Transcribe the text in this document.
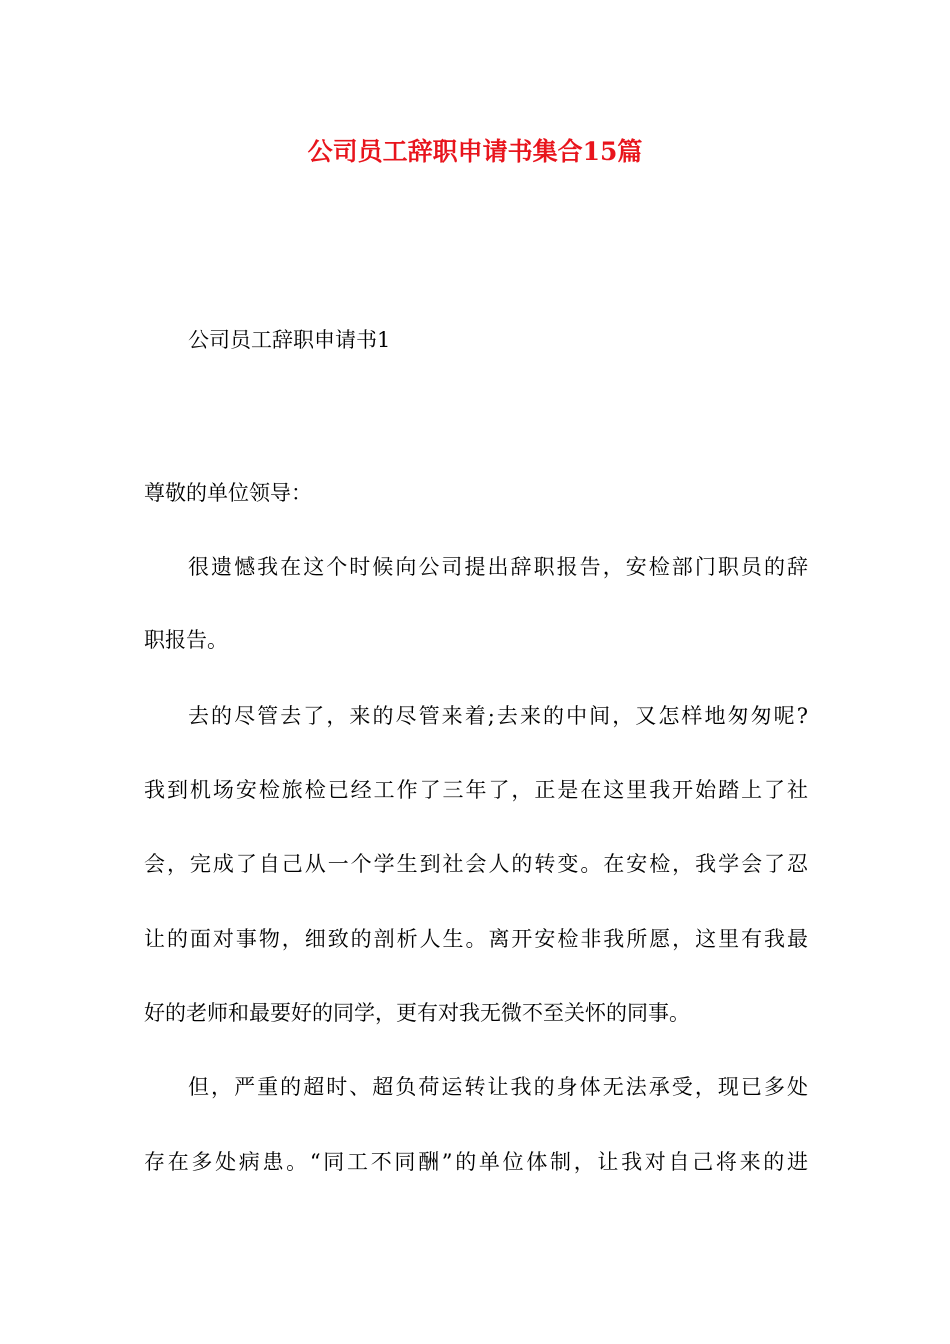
公司员工辞职申请书集合15篇

公司员工辞职申请书1

尊敬的单位领导：

很遗憾我在这个时候向公司提出辞职报告，安检部门职员的辞

职报告。

去的尽管去了，来的尽管来着;去来的中间，又怎样地匆匆呢?

我到机场安检旅检已经工作了三年了，正是在这里我开始踏上了社

会，完成了自己从一个学生到社会人的转变。在安检，我学会了忍

让的面对事物，细致的剖析人生。离开安检非我所愿，这里有我最

好的老师和最要好的同学，更有对我无微不至关怀的同事。

但，严重的超时、超负荷运转让我的身体无法承受，现已多处

存在多处病患。“同工不同酬”的单位体制，让我对自己将来的进
